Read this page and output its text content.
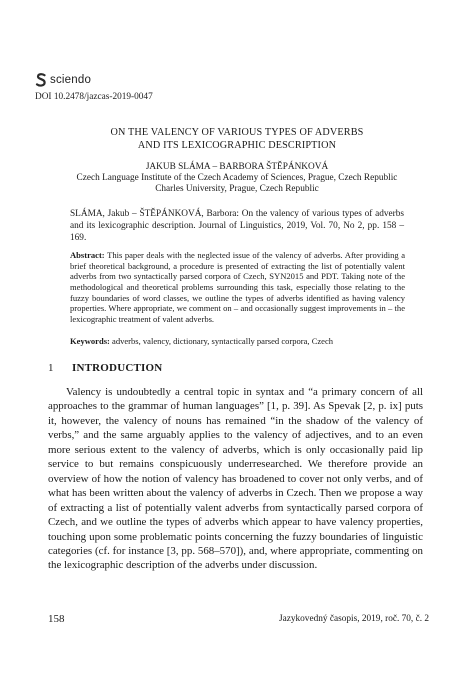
sciendo
DOI 10.2478/jazcas-2019-0047
ON THE VALENCY OF VARIOUS TYPES OF ADVERBS
AND ITS LEXICOGRAPHIC DESCRIPTION
JAKUB SLÁMA – BARBORA ŠTĚPÁNKOVÁ
Czech Language Institute of the Czech Academy of Sciences, Prague, Czech Republic
Charles University, Prague, Czech Republic
SLÁMA, Jakub – ŠTĚPÁNKOVÁ, Barbora: On the valency of various types of adverbs and its lexicographic description. Journal of Linguistics, 2019, Vol. 70, No 2, pp. 158 – 169.
Abstract: This paper deals with the neglected issue of the valency of adverbs. After providing a brief theoretical background, a procedure is presented of extracting the list of potentially valent adverbs from two syntactically parsed corpora of Czech, SYN2015 and PDT. Taking note of the methodological and theoretical problems surrounding this task, especially those relating to the fuzzy boundaries of word classes, we outline the types of adverbs identified as having valency properties. Where appropriate, we comment on – and occasionally suggest improvements in – the lexicographic treatment of valent adverbs.
Keywords: adverbs, valency, dictionary, syntactically parsed corpora, Czech
1 INTRODUCTION

Valency is undoubtedly a central topic in syntax and “a primary concern of all approaches to the grammar of human languages” [1, p. 39]. As Spevak [2, p. ix] puts it, however, the valency of nouns has remained “in the shadow of the valency of verbs,” and the same arguably applies to the valency of adjectives, and to an even more serious extent to the valency of adverbs, which is only occasionally paid lip service to but remains conspicuously underresearched. We therefore provide an overview of how the notion of valency has broadened to cover not only verbs, and of what has been written about the valency of adverbs in Czech. Then we propose a way of extracting a list of potentially valent adverbs from syntactically parsed corpora of Czech, and we outline the types of adverbs which appear to have valency properties, touching upon some problematic points concerning the fuzzy boundaries of linguistic categories (cf. for instance [3, pp. 568–570]), and, where appropriate, commenting on the lexicographic description of the adverbs under discussion.

158	Jazykovedný časopis, 2019, roč. 70, č. 2
